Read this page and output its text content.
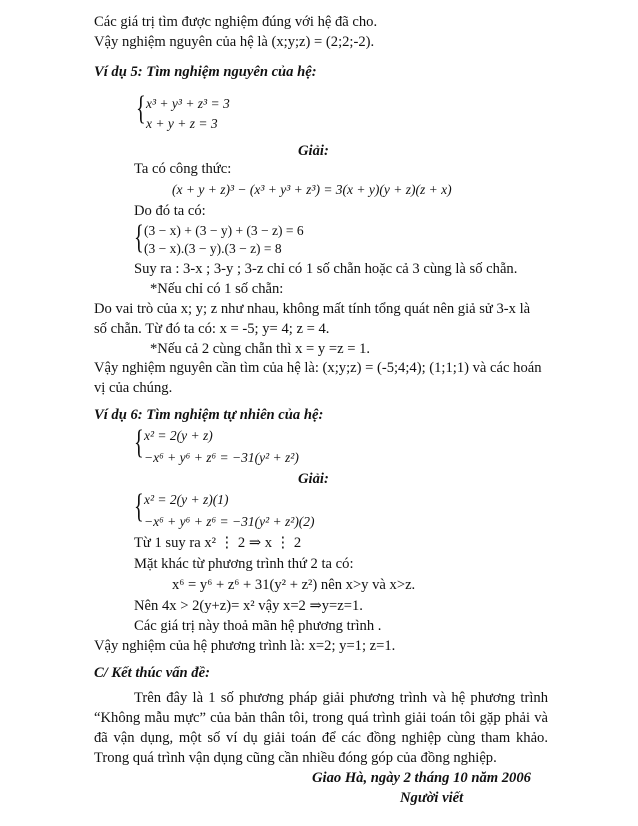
Các giá trị tìm được nghiệm đúng với hệ đã cho.
Vậy nghiệm nguyên của hệ là (x;y;z) = (2;2;-2).
Ví dụ 5: Tìm nghiệm nguyên của hệ:
{ x³ + y³ + z³ = 3
x + y + z = 3
Giải:
Ta có công thức:
(x + y + z)³ − (x³ + y³ + z³) = 3(x + y)(y + z)(z + x)
Do đó ta có:
{ (3 − x) + (3 − y) + (3 − z) = 6
(3 − x).(3 − y).(3 − z) = 8
Suy ra : 3-x ; 3-y ; 3-z chỉ có 1 số chẵn hoặc cả 3 cùng là số chẵn.
*Nếu chỉ có 1 số chẵn:
Do vai trò của x; y; z như nhau, không mất tính tổng quát nên giả sử 3-x là
số chẵn. Từ đó ta có: x = -5; y= 4; z = 4.
*Nếu cả 2 cùng chẵn thì x = y =z = 1.
Vậy nghiệm nguyên cần tìm của hệ là: (x;y;z) = (-5;4;4); (1;1;1) và các hoán
vị của chúng.
Ví dụ 6: Tìm nghiệm tự nhiên của hệ:
{ x² = 2(y + z)
−x⁶ + y⁶ + z⁶ = −31(y² + z²)
Giải:
{ x² = 2(y + z)(1)
−x⁶ + y⁶ + z⁶ = −31(y² + z²)(2)
Từ 1 suy ra x² ⋮ 2 ⇒ x ⋮ 2
Mặt khác từ phương trình thứ 2 ta có:
x⁶ = y⁶ + z⁶ + 31(y² + z²) nên x>y và x>z.
Nên 4x > 2(y+z)= x² vậy x=2 ⇒y=z=1.
Các giá trị này thoả mãn hệ phương trình .
Vậy nghiệm của hệ phương trình là: x=2; y=1; z=1.
C/ Kết thúc vấn đề:
Trên đây là 1 số phương pháp giải phương trình và hệ phương trình
“Không mẫu mực” của bản thân tôi, trong quá trình giải toán tôi gặp phải và
đã vận dụng, một số ví dụ giải toán để các đồng nghiệp cùng tham khảo.
Trong quá trình vận dụng cũng cần nhiều đóng góp của đồng nghiệp.
Giao Hà, ngày 2 tháng 10 năm 2006
Người viết
